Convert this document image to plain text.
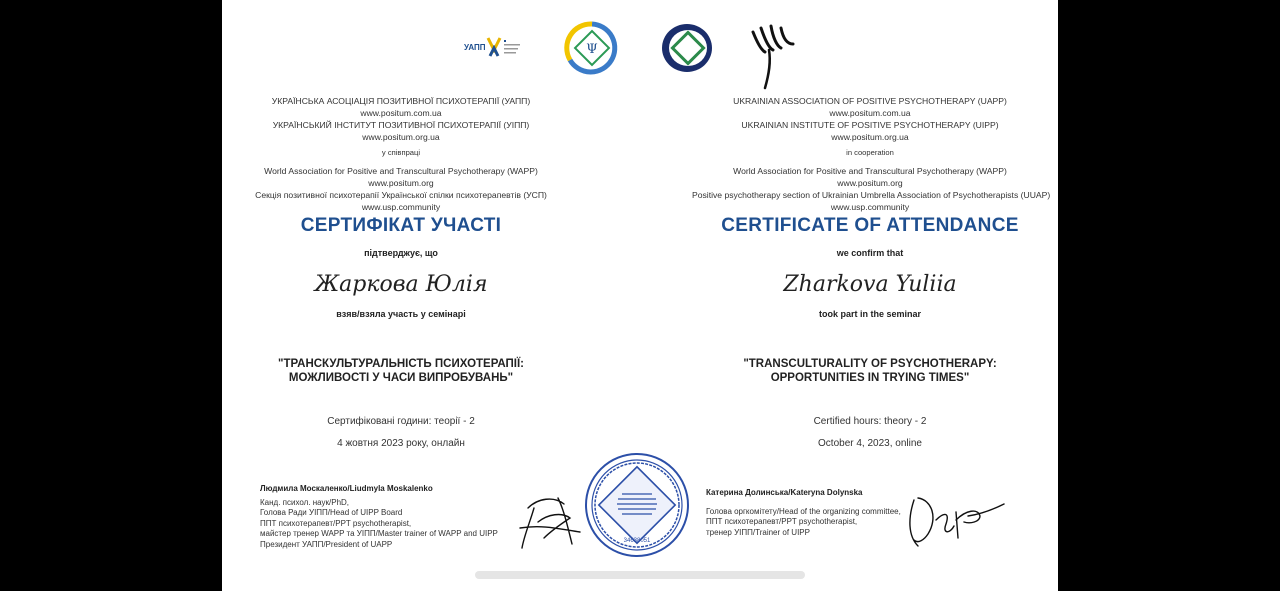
УАПП	Ψ
УКРАЇНСЬКА АСОЦІАЦІЯ ПОЗИТИВНОЇ ПСИХОТЕРАПІЇ (УАПП)
www.positum.com.ua
УКРАЇНСЬКИЙ ІНСТИТУТ ПОЗИТИВНОЇ ПСИХОТЕРАПІЇ (УІПП)
www.positum.org.ua
у співпраці
World Association for Positive and Transcultural Psychotherapy (WAPP)
www.positum.org
Секція позитивної психотерапії Української спілки психотерапевтів (УСП)
www.usp.community
СЕРТИФІКАТ УЧАСТІ
підтверджує, що
Жаркова Юлія
взяв/взяла участь у семінарі
"ТРАНСКУЛЬТУРАЛЬНІСТЬ ПСИХОТЕРАПІЇ:
МОЖЛИВОСТІ У ЧАСИ ВИПРОБУВАНЬ"
Сертифіковані години: теорії - 2
4 жовтня 2023 року, онлайн
UKRAINIAN ASSOCIATION OF POSITIVE PSYCHOTHERAPY (UAPP)
www.positum.com.ua
UKRAINIAN INSTITUTE OF POSITIVE PSYCHOTHERAPY (UIPP)
www.positum.org.ua
in cooperation
World Association for Positive and Transcultural Psychotherapy (WAPP)
www.positum.org
Positive psychotherapy section of Ukrainian Umbrella Association of Psychotherapists (UUAP)
www.usp.community
CERTIFICATE OF ATTENDANCE
we confirm that
Zharkova Yuliia
took part in the seminar
"TRANSCULTURALITY OF PSYCHOTHERAPY:
OPPORTUNITIES IN TRYING TIMES"
Certified hours: theory - 2
October 4, 2023, online
Людмила Москаленко/Liudmyla Moskalenko
Канд. психол. наук/PhD,
Голова Ради УІПП/Head of UIPP Board
ППТ психотерапевт/PPT psychotherapist,
майстер тренер WAPP та УІПП/Master trainer of WAPP and UIPP
Президент УАПП/President of UAPP	34638051
Катерина Долинська/Kateryna Dolynska
Голова оргкомітету/Head of the organizing committee,
ППТ психотерапевт/PPT psychotherapist,
тренер УІПП/Trainer of UIPP
